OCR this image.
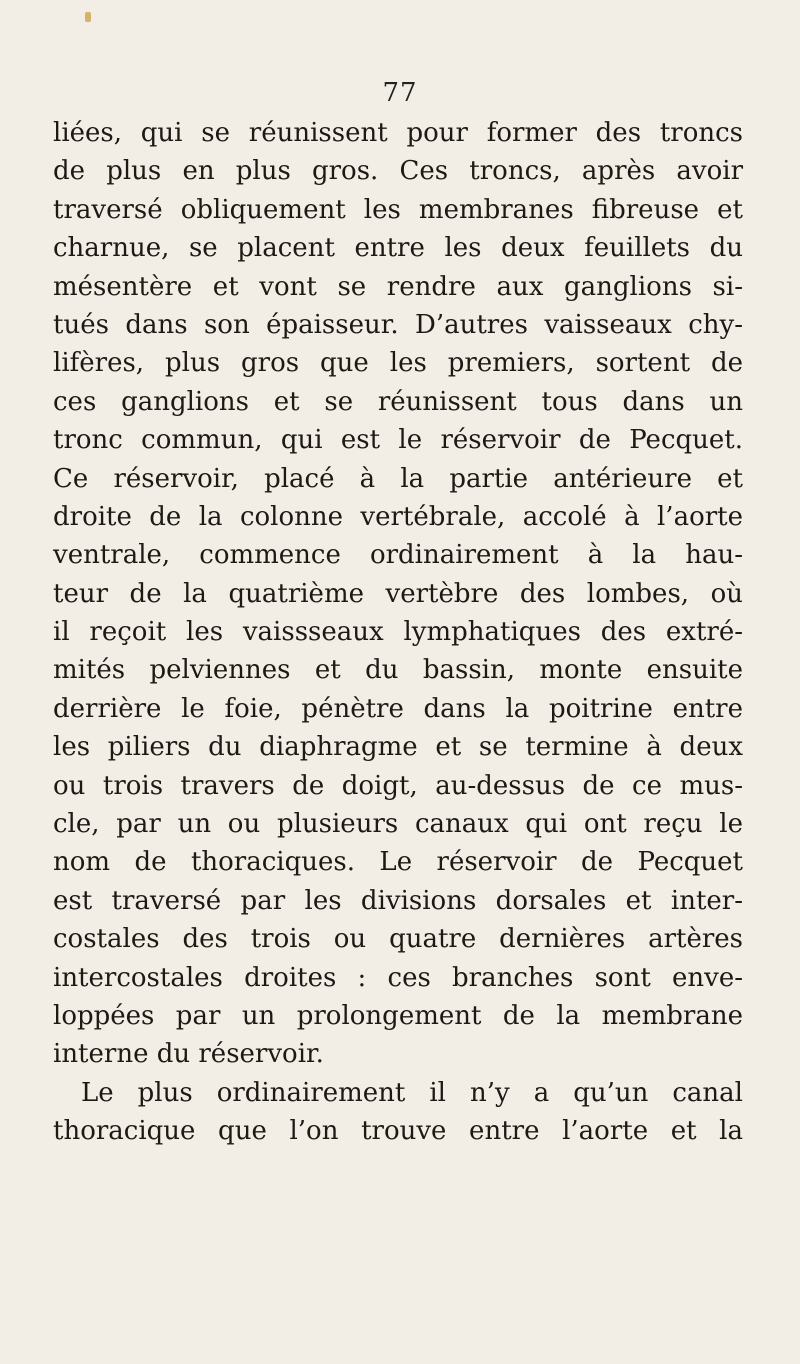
77
liées, qui se réunissent pour former des troncs
de plus en plus gros. Ces troncs, après avoir
traversé obliquement les membranes fibreuse et
charnue, se placent entre les deux feuillets du
mésentère et vont se rendre aux ganglions si-
tués dans son épaisseur. D’autres vaisseaux chy-
lifères, plus gros que les premiers, sortent de
ces ganglions et se réunissent tous dans un
tronc commun, qui est le réservoir de Pecquet.
Ce réservoir, placé à la partie antérieure et
droite de la colonne vertébrale, accolé à l’aorte
ventrale, commence ordinairement à la hau-
teur de la quatrième vertèbre des lombes, où
il reçoit les vaissseaux lymphatiques des extré-
mités pelviennes et du bassin, monte ensuite
derrière le foie, pénètre dans la poitrine entre
les piliers du diaphragme et se termine à deux
ou trois travers de doigt, au-dessus de ce mus-
cle, par un ou plusieurs canaux qui ont reçu le
nom de thoraciques. Le réservoir de Pecquet
est traversé par les divisions dorsales et inter-
costales des trois ou quatre dernières artères
intercostales droites : ces branches sont enve-
loppées par un prolongement de la membrane
interne du réservoir.
Le plus ordinairement il n’y a qu’un canal
thoracique que l’on trouve entre l’aorte et la
